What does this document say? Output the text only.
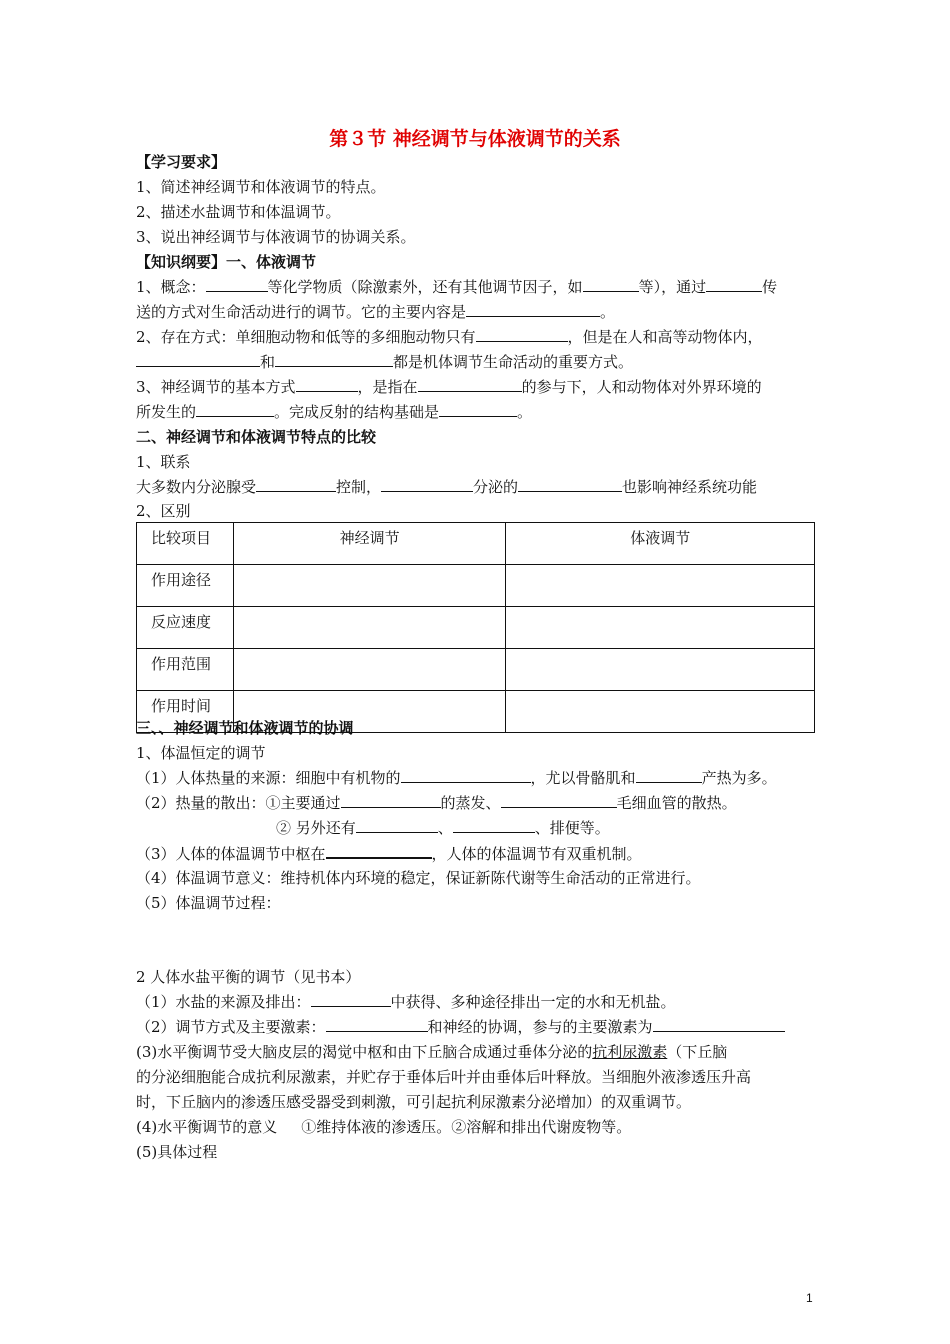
第３节 神经调节与体液调节的关系
【学习要求】
1、简述神经调节和体液调节的特点。
2、描述水盐调节和体温调节。
3、说出神经调节与体液调节的协调关系。
【知识纲要】一、体液调节
1、概念：	等化学物质（除激素外，还有其他调节因子，如	等），通过	传
送的方式对生命活动进行的调节。它的主要内容是	。
2、存在方式：单细胞动物和低等的多细胞动物只有	，但是在人和高等动物体内，
和	都是机体调节生命活动的重要方式。
3、神经调节的基本方式	，是指在	的参与下，人和动物体对外界环境的
所发生的	。完成反射的结构基础是	。
二、神经调节和体液调节特点的比较
1、联系
大多数内分泌腺受	控制，	分泌的	也影响神经系统功能
2、区别
比较项目	神经调节	体液调节
作用途径		
反应速度		
作用范围		
作用时间		
三、、神经调节和体液调节的协调
1、体温恒定的调节
（1）人体热量的来源：细胞中有机物的	，尤以骨骼肌和	产热为多。
（2）热量的散出：①主要通过	的蒸发、	毛细血管的散热。
② 另外还有	、	、排便等。
（3）人体的体温调节中枢在	，人体的体温调节有双重机制。
（4）体温调节意义：维持机体内环境的稳定，保证新陈代谢等生命活动的正常进行。
（5）体温调节过程：
2 人体水盐平衡的调节（见书本）
（1）水盐的来源及排出：	中获得、多种途径排出一定的水和无机盐。
（2）调节方式及主要激素：	和神经的协调，参与的主要激素为
(3)水平衡调节受大脑皮层的渴觉中枢和由下丘脑合成通过垂体分泌的抗利尿激素（下丘脑
的分泌细胞能合成抗利尿激素，并贮存于垂体后叶并由垂体后叶释放。当细胞外液渗透压升高
时，下丘脑内的渗透压感受器受到刺激，可引起抗利尿激素分泌增加）的双重调节。
(4)水平衡调节的意义 ①维持体液的渗透压。②溶解和排出代谢废物等。
(5)具体过程
1
